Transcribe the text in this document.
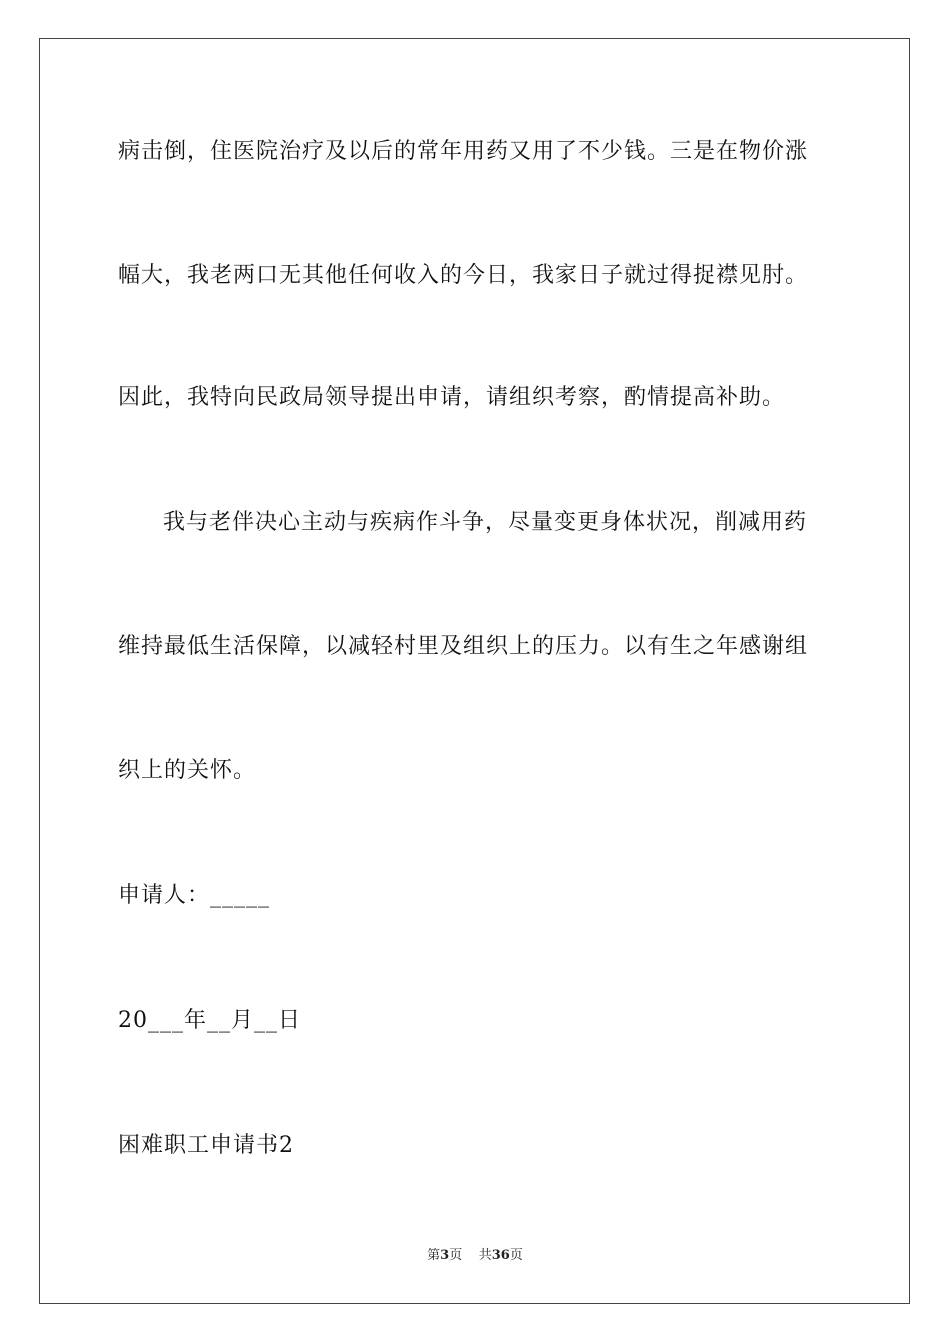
病击倒，住医院治疗及以后的常年用药又用了不少钱。三是在物价涨
幅大，我老两口无其他任何收入的今日，我家日子就过得捉襟见肘。
因此，我特向民政局领导提出申请，请组织考察，酌情提高补助。
我与老伴决心主动与疾病作斗争，尽量变更身体状况，削减用药
维持最低生活保障，以减轻村里及组织上的压力。以有生之年感谢组
织上的关怀。
申请人：_____
20___年__月__日
困难职工申请书2
第3页 共36页
